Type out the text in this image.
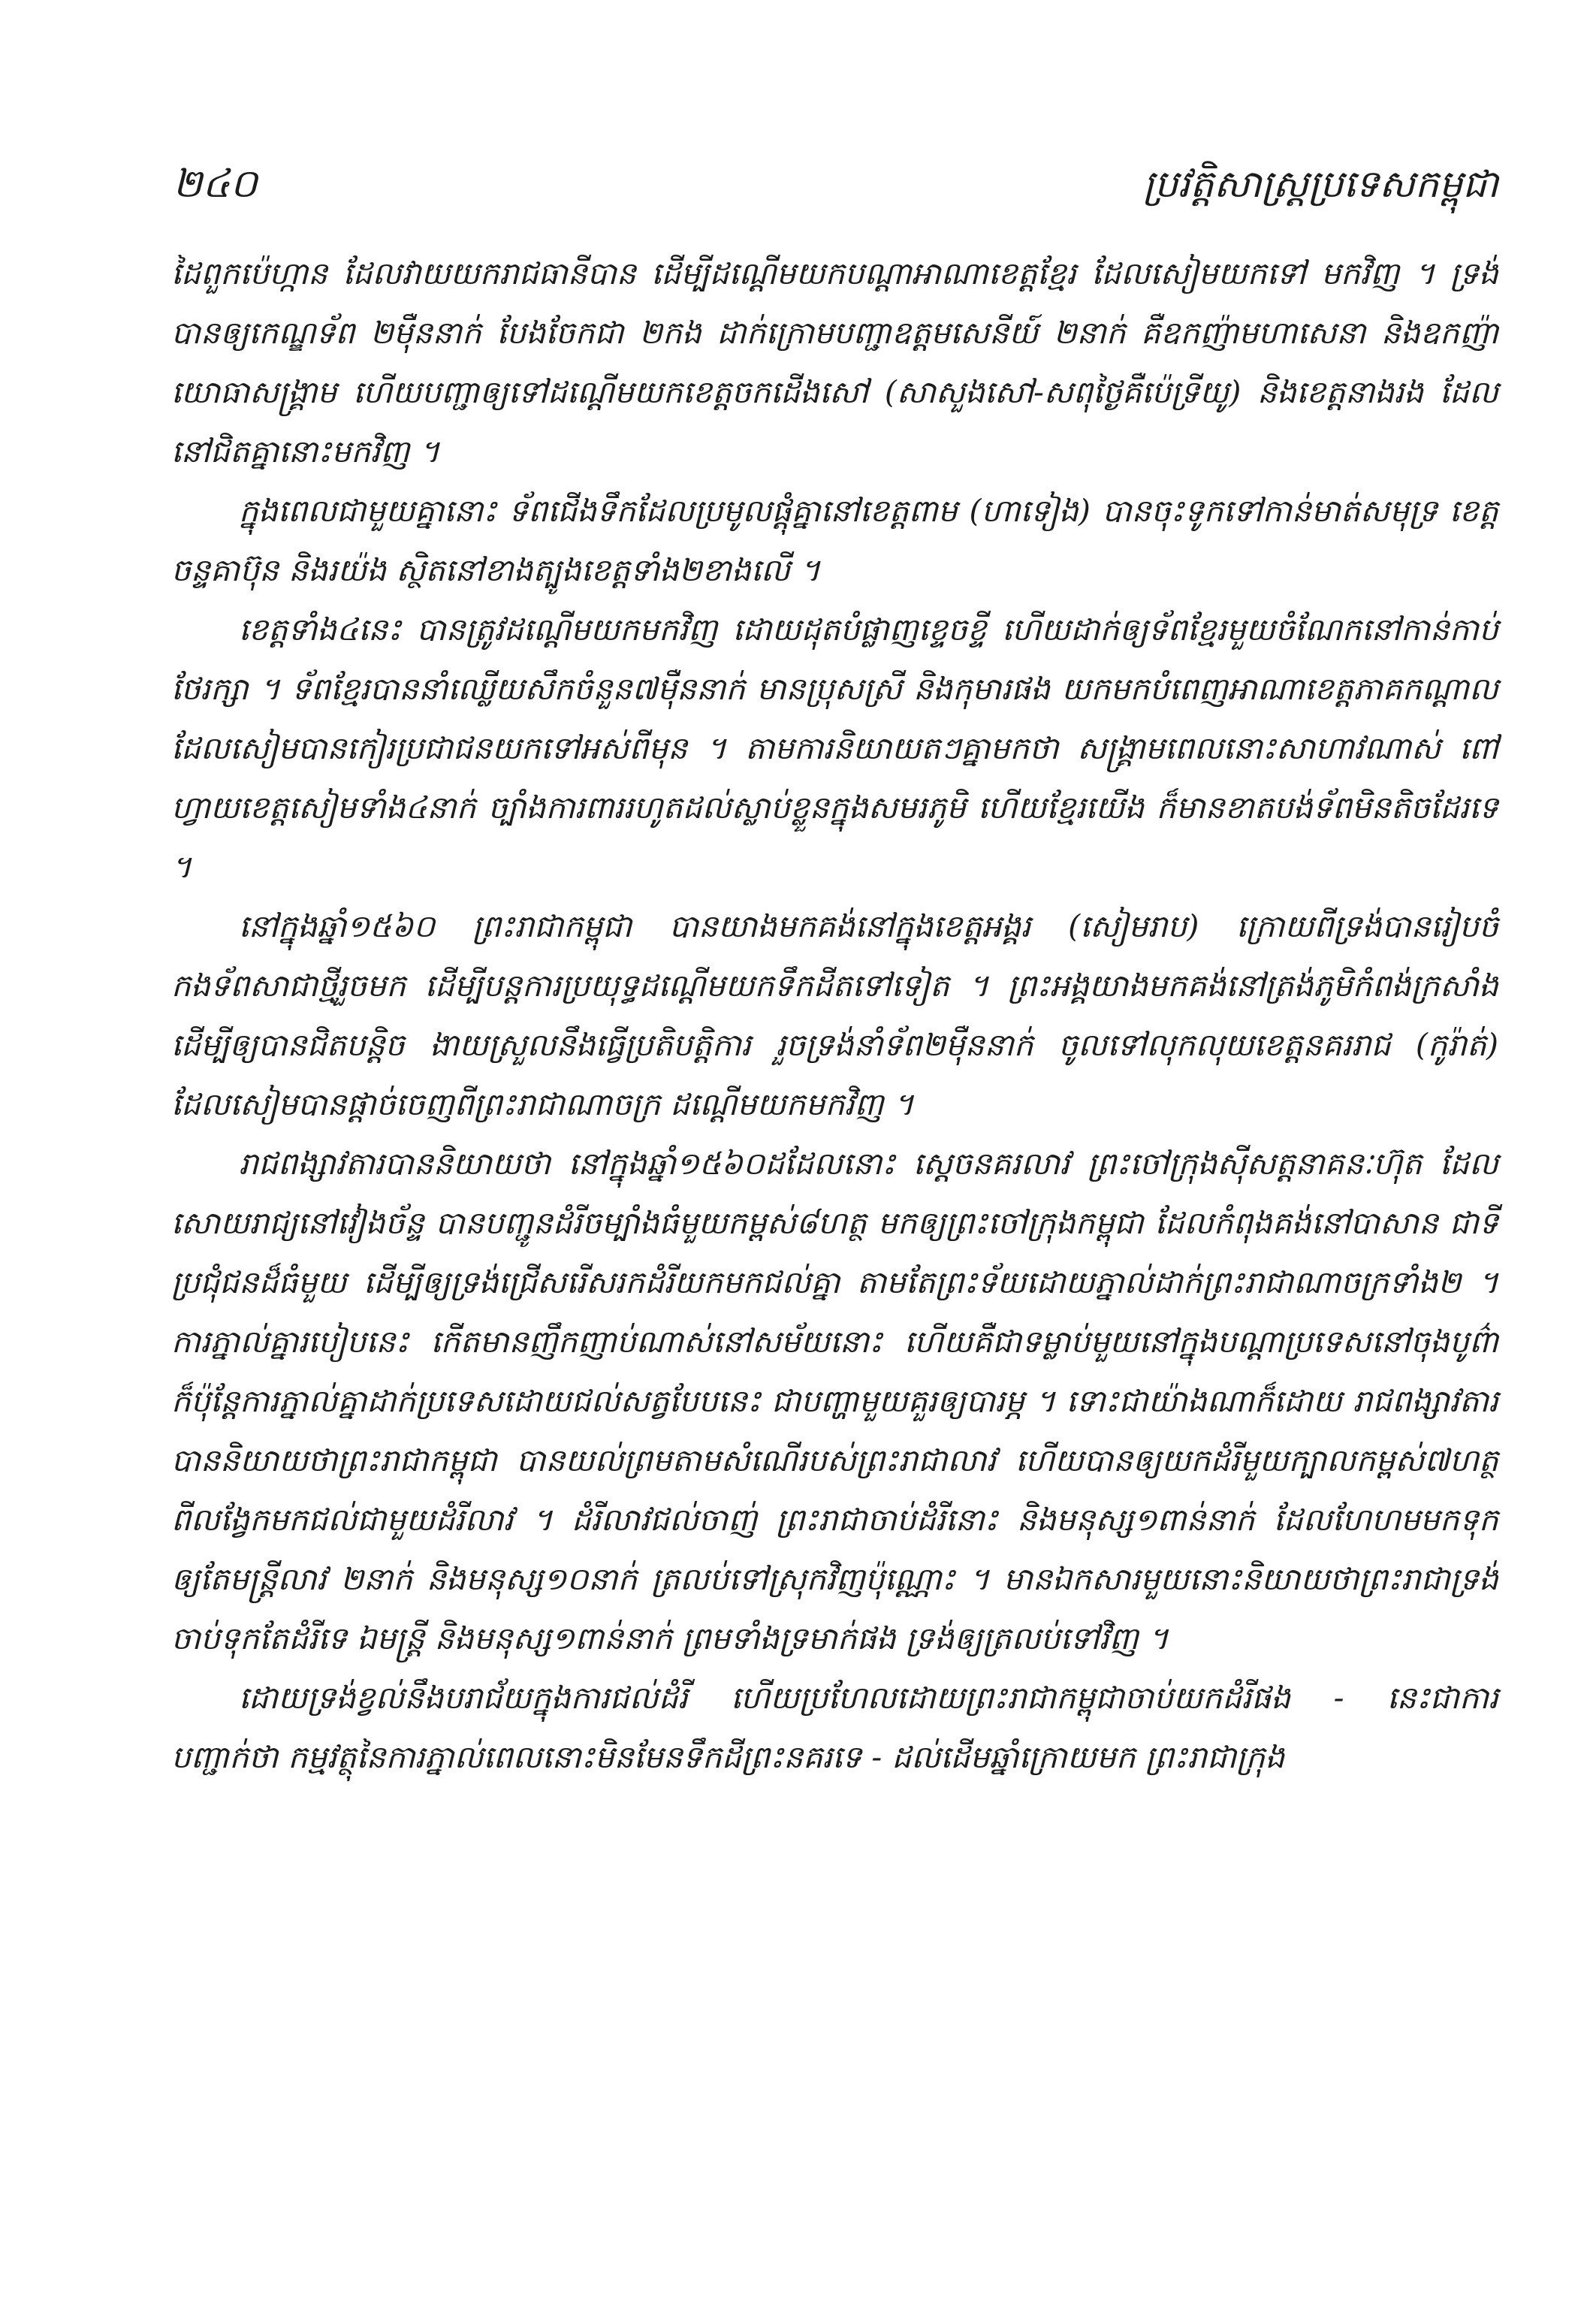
២៤០	ប្រវត្តិសាស្ត្រប្រទេសកម្ពុជា

ដៃពួកប៉េហ្កាន ដែលវាយយករាជធានីបាន ដើម្បីដណ្ដើមយកបណ្ដាអាណាខេត្តខ្មែរ ដែលសៀមយកទៅ មកវិញ ។ ទ្រង់បានឲ្យកេណ្ឌទ័ព ២ម៉ឺននាក់ បែងចែកជា ២កង ដាក់ក្រោមបញ្ជាឧត្តមសេនីយ៍ ២នាក់ គឺឧកញ៉ាមហាសេនា និងឧកញ៉ាយោធាសង្គ្រាម ហើយបញ្ជាឲ្យទៅដណ្ដើមយកខេត្តចកដើងសៅ (សាសួងសៅ-សពុថ្ងៃគឺប៉េទ្រីយូ) និងខេត្តនាងរង ដែលនៅជិតគ្នានោះមកវិញ ។

ក្នុងពេលជាមួយគ្នានោះ ទ័ពជើងទឹកដែលប្រមូលផ្ដុំគ្នានៅខេត្តពាម (ហាទៀង) បានចុះទូកទៅកាន់មាត់សមុទ្រ ខេត្តចន្ទគាប៊ុន និងរយ៉ង ស្ថិតនៅខាងត្បូងខេត្តទាំង២ខាងលើ ។

ខេត្តទាំង៤នេះ បានត្រូវដណ្ដើមយកមកវិញ ដោយដុតបំផ្លាញខ្ទេចខ្ទី ហើយដាក់ឲ្យទ័ពខ្មែរមួយចំណែកនៅកាន់កាប់ថែរក្សា ។ ទ័ពខ្មែរបាននាំឈ្លើយសឹកចំនួន៧ម៉ឺននាក់ មានប្រុសស្រី និងកុមារផង យកមកបំពេញអាណាខេត្តភាគកណ្ដាល ដែលសៀមបានកៀរប្រជាជនយកទៅអស់ពីមុន ។ តាមការនិយាយតៗគ្នាមកថា សង្គ្រាមពេលនោះសាហាវណាស់ ពៅហ្វាយខេត្តសៀមទាំង៤នាក់ ច្បាំងការពាររហូតដល់ស្លាប់ខ្លួនក្នុងសមរភូមិ ហើយខ្មែរយើង ក៏មានខាតបង់ទ័ពមិនតិចដែរទេ ។

នៅក្នុងឆ្នាំ១៥៦០ ព្រះរាជាកម្ពុជា បានយាងមកគង់នៅក្នុងខេត្តអង្គរ (សៀមរាប) ក្រោយពីទ្រង់បានរៀបចំកងទ័ពសាជាថ្មីរួចមក ដើម្បីបន្តការប្រយុទ្ធដណ្ដើមយកទឹកដីតទៅទៀត ។ ព្រះអង្គយាងមកគង់នៅត្រង់ភូមិកំពង់ក្រសាំង ដើម្បីឲ្យបានជិតបន្តិច ងាយស្រួលនឹងធ្វើប្រតិបត្តិការ រួចទ្រង់នាំទ័ព២ម៉ឺននាក់ ចូលទៅលុកលុយខេត្តនគររាជ (កូរ៉ាត់) ដែលសៀមបានផ្ដាច់ចេញពីព្រះរាជាណាចក្រ ដណ្ដើមយកមកវិញ ។

រាជពង្សាវតារបាននិយាយថា នៅក្នុងឆ្នាំ១៥៦០ដដែលនោះ ស្ដេចនគរលាវ ព្រះចៅក្រុងស៊ីសត្តនាគនៈហ៊ុត ដែលសោយរាជ្យនៅវៀងច័ន្ទ បានបញ្ជូនដំរីចម្បាំងធំមួយកម្ពស់៨ហត្ថ មកឲ្យព្រះចៅក្រុងកម្ពុជា ដែលកំពុងគង់នៅបាសាន ជាទីប្រជុំជនដ៏ធំមួយ ដើម្បីឲ្យទ្រង់ជ្រើសរើសរកដំរីយកមកជល់គ្នា តាមតែព្រះទ័យដោយភ្នាល់ដាក់ព្រះរាជាណាចក្រទាំង២ ។ ការភ្នាល់គ្នារបៀបនេះ កើតមានញឹកញាប់ណាស់នៅសម័យនោះ ហើយគឺជាទម្លាប់មួយនៅក្នុងបណ្ដាប្រទេសនៅចុងបូព៌ា ក៏ប៉ុន្តែការភ្នាល់គ្នាដាក់ប្រទេសដោយជល់សត្វបែបនេះ ជាបញ្ហាមួយគួរឲ្យបារម្ភ ។ ទោះជាយ៉ាងណាក៏ដោយ រាជពង្សាវតារបាននិយាយថាព្រះរាជាកម្ពុជា បានយល់ព្រមតាមសំណើរបស់ព្រះរាជាលាវ ហើយបានឲ្យយកដំរីមួយក្បាលកម្ពស់៧ហត្ថ ពីលង្វែកមកជល់ជាមួយដំរីលាវ ។ ដំរីលាវជល់ចាញ់ ព្រះរាជាចាប់ដំរីនោះ និងមនុស្ស១ពាន់នាក់ ដែលហែហមមកទុកឲ្យតែមន្ត្រីលាវ ២នាក់ និងមនុស្ស១០នាក់ ត្រលប់ទៅស្រុកវិញប៉ុណ្ណោះ ។ មានឯកសារមួយនោះនិយាយថាព្រះរាជាទ្រង់ចាប់ទុកតែដំរីទេ ឯមន្ត្រី និងមនុស្ស១ពាន់នាក់ ព្រមទាំងទ្រមាក់ផង ទ្រង់ឲ្យត្រលប់ទៅវិញ ។

ដោយទ្រង់ខ្វល់នឹងបរាជ័យក្នុងការជល់ដំរី ហើយប្រហែលដោយព្រះរាជាកម្ពុជាចាប់យកដំរីផង - នេះជាការបញ្ជាក់ថា កម្មវត្ថុនៃការភ្នាល់ពេលនោះមិនមែនទឹកដីព្រះនគរទេ - ដល់ដើមឆ្នាំក្រោយមក ព្រះរាជាក្រុង
